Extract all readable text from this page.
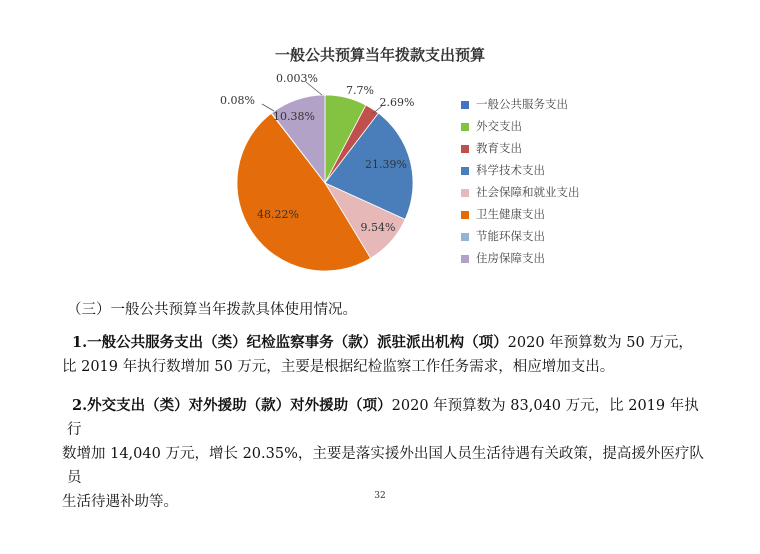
一般公共预算当年拨款支出预算
0.003%
7.7%
2.69%
21.39%
9.54%
48.22%
0.08%
10.38%
一般公共服务支出
外交支出
教育支出
科学技术支出
社会保障和就业支出
卫生健康支出
节能环保支出
住房保障支出

（三）一般公共预算当年拨款具体使用情况。

1.一般公共服务支出（类）纪检监察事务（款）派驻派出机构（项）2020 年预算数为 50 万元，
比 2019 年执行数增加 50 万元，主要是根据纪检监察工作任务需求，相应增加支出。

2.外交支出（类）对外援助（款）对外援助（项）2020 年预算数为 83,040 万元，比 2019 年执行
数增加 14,040 万元，增长 20.35%，主要是落实援外出国人员生活待遇有关政策，提高援外医疗队员
生活待遇补助等。	32
